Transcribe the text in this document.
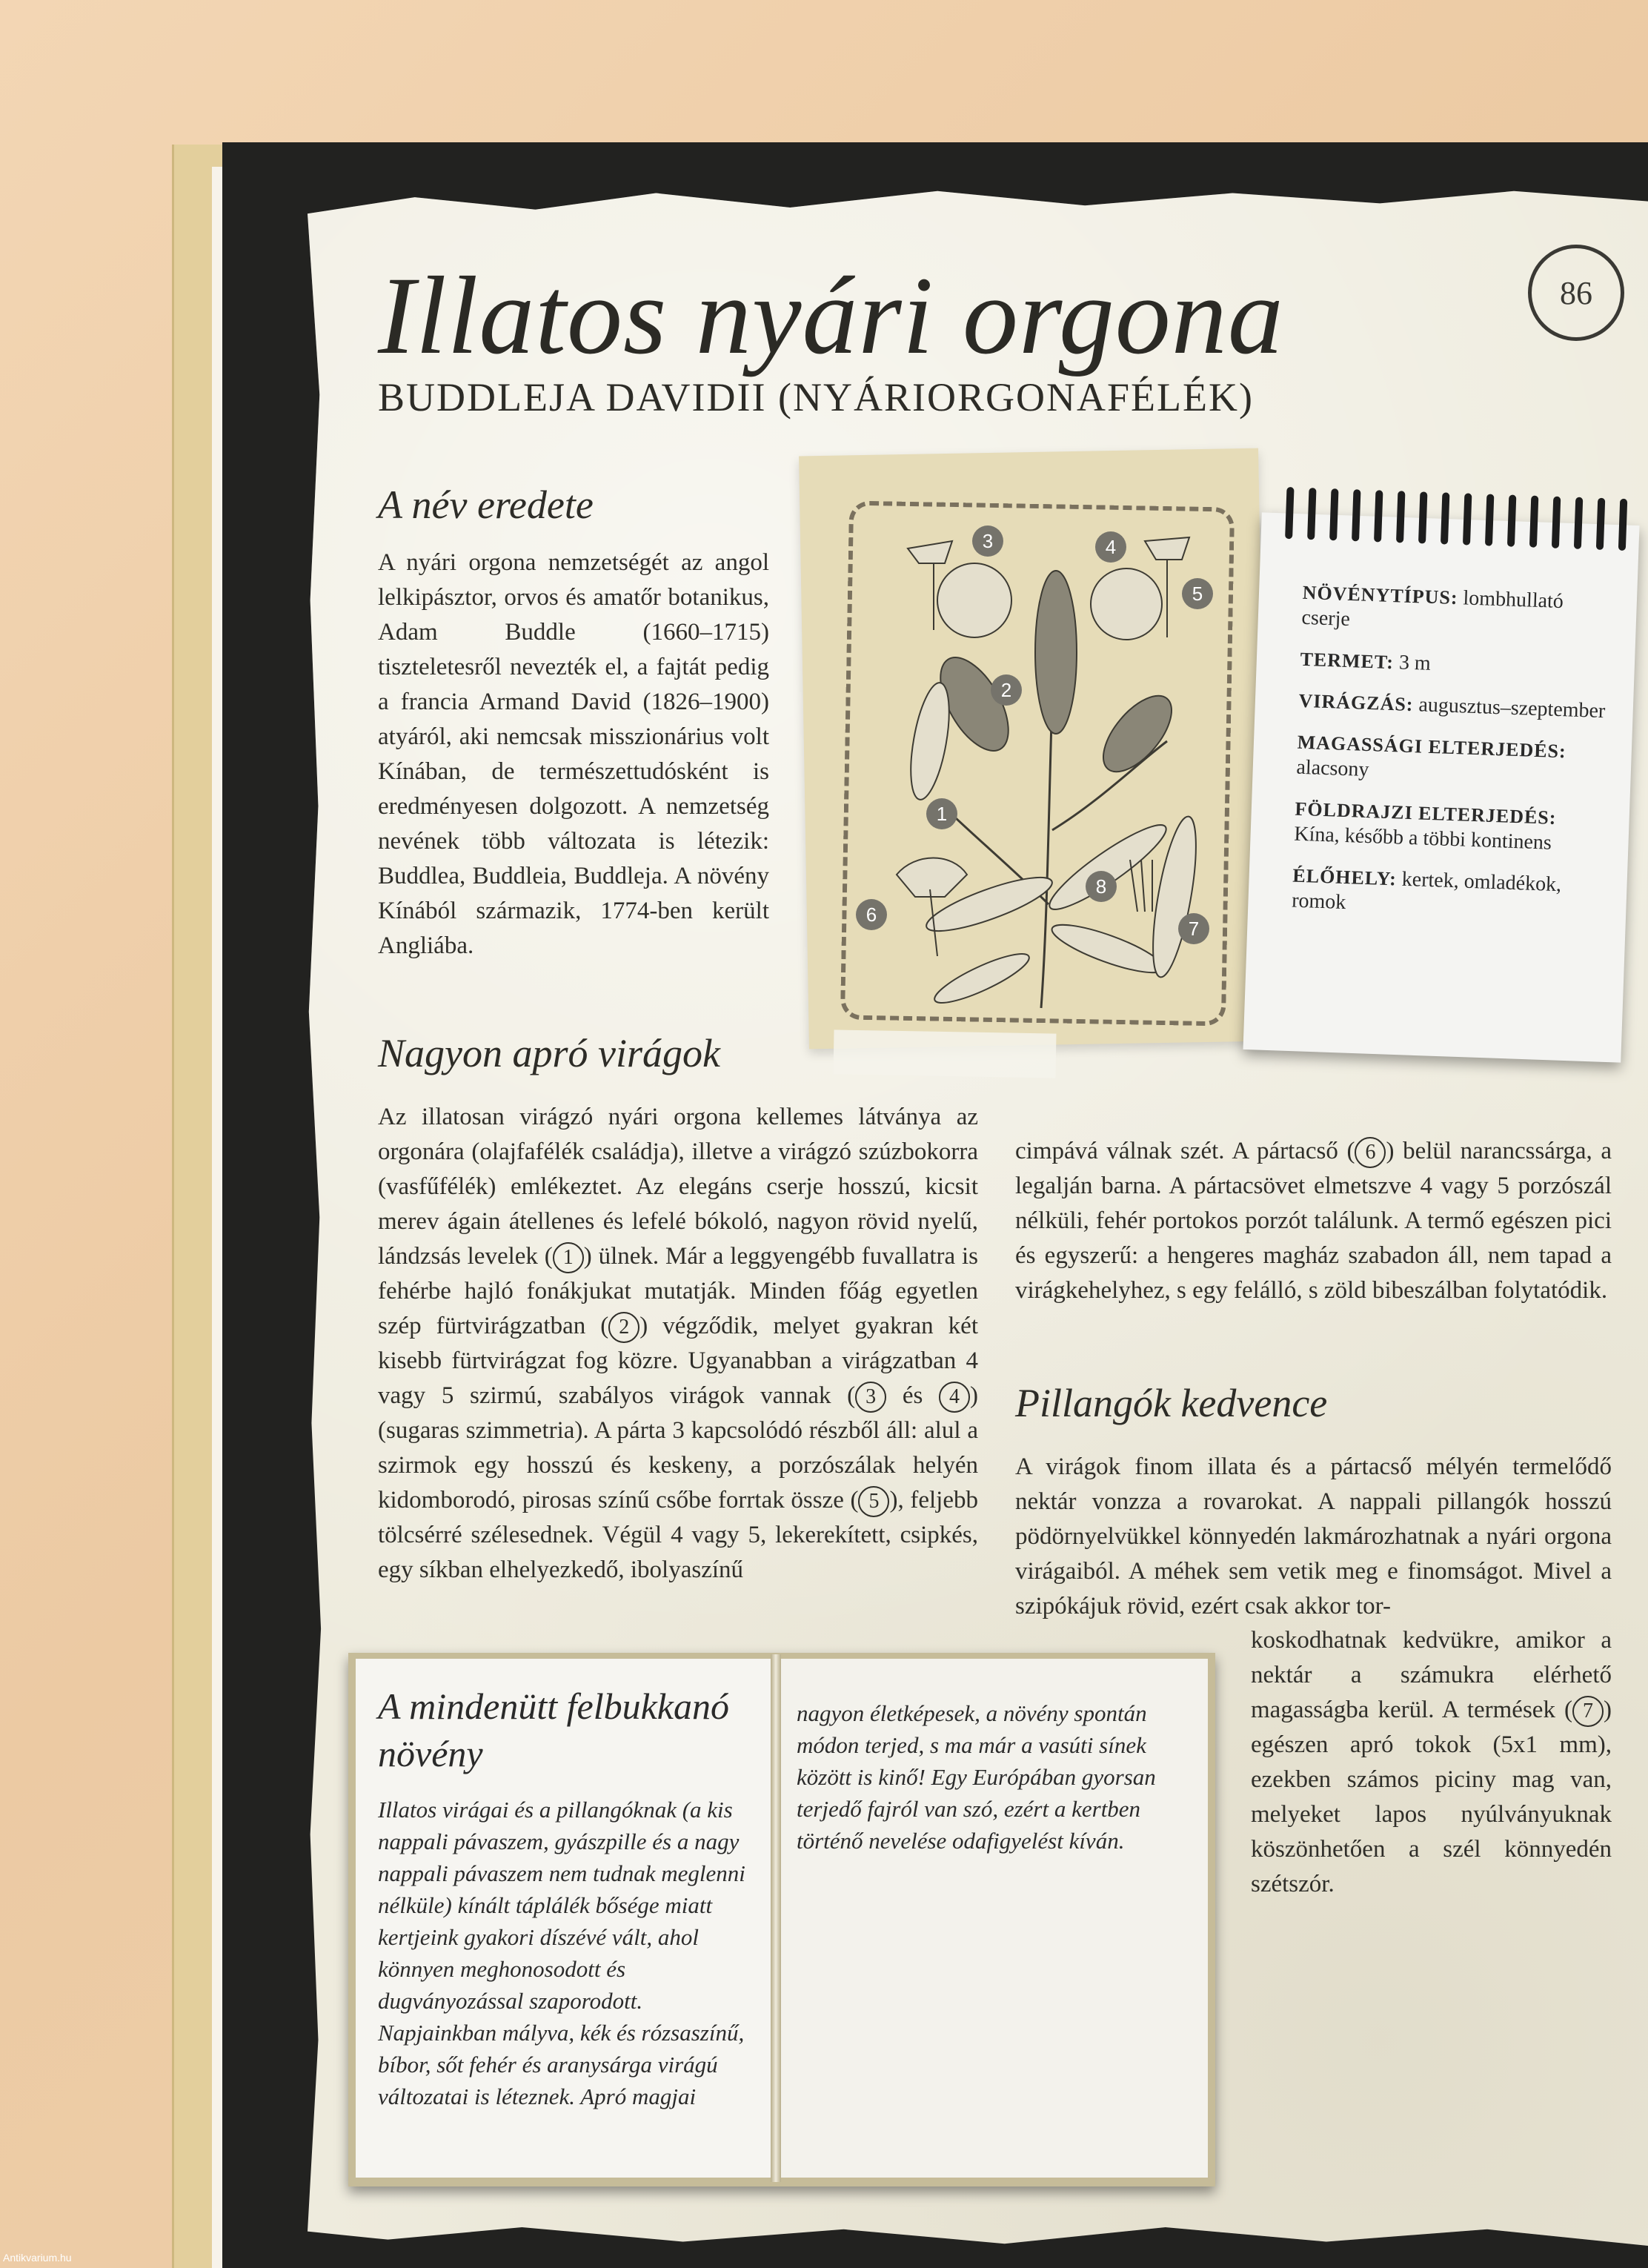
Illatos nyári orgona
BUDDLEJA DAVIDII (NYÁRIORGONAFÉLÉK)
86
A név eredete

A nyári orgona nemzetségét az angol lelkipásztor, orvos és amatőr botanikus, Adam Buddle (1660–1715) tiszteletesről nevezték el, a fajtát pedig a francia Armand David (1826–1900) atyáról, aki nemcsak misszionárius volt Kínában, de természettudósként is eredményesen dolgozott. A nemzetség nevének több változata is létezik: Buddlea, Buddleia, Buddleja. A növény Kínából származik, 1774-ben került Angliába.

3	4
5
2
1
8
6
7

NÖVÉNYTÍPUS: lombhullató cserje

TERMET: 3 m

VIRÁGZÁS: augusztus–szeptember

MAGASSÁGI ELTERJEDÉS: alacsony

FÖLDRAJZI ELTERJEDÉS: Kína, később a többi kontinens

ÉLŐHELY: kertek, omladékok, romok

Nagyon apró virágok

Az illatosan virágzó nyári orgona kellemes látványa az orgonára (olajfafélék családja), illetve a virágzó szúzbokorra (vasfűfélék) emlékeztet. Az elegáns cserje hosszú, kicsit merev ágain átellenes és lefelé bókoló, nagyon rövid nyelű, lándzsás levelek ( 1 ) ülnek. Már a leggyengébb fuvallatra is fehérbe hajló fonákjukat mutatják. Minden főág egyetlen szép fürtvirágzatban ( 2 ) végződik, melyet gyakran két kisebb fürtvirágzat fog közre. Ugyanabban a virágzatban 4 vagy 5 szirmú, szabályos virágok vannak ( 3 és 4 ) (sugaras szimmetria). A párta 3 kapcsolódó részből áll: alul a szirmok egy hosszú és keskeny, a porzószálak helyén kidomborodó, pirosas színű csőbe forrtak össze ( 5 ), feljebb tölcsérré szélesednek. Végül 4 vagy 5, lekerekített, csipkés, egy síkban elhelyezkedő, ibolyaszínű

cimpává válnak szét. A pártacső ( 6 ) belül narancssárga, a legalján barna. A pártacsövet elmetszve 4 vagy 5 porzószál nélküli, fehér portokos porzót találunk. A termő egészen pici és egyszerű: a hengeres magház szabadon áll, nem tapad a virágkehelyhez, s egy felálló, s zöld bibeszálban folytatódik.

Pillangók kedvence

A virágok finom illata és a pártacső mélyén termelődő nektár vonzza a rovarokat. A nappali pillangók hosszú pödörnyelvükkel könnyedén lakmározhatnak a nyári orgona virágaiból. A méhek sem vetik meg e finomságot. Mivel a szipókájuk rövid, ezért csak akkor tor-

koskodhatnak kedvükre, amikor a nektár a számukra elérhető magasságba kerül. A termések ( 7 ) egészen apró tokok (5x1 mm), ezekben számos piciny mag van, melyeket lapos nyúlványuknak köszönhetően a szél könnyedén szétszór.

A mindenütt felbukkanó növény

Illatos virágai és a pillangóknak (a kis nappali pávaszem, gyászpille és a nagy nappali pávaszem nem tudnak meglenni nélküle) kínált táplálék bősége miatt kertjeink gyakori díszévé vált, ahol könnyen meghonosodott és dugványozással szaporodott. Napjainkban mályva, kék és rózsaszínű, bíbor, sőt fehér és aranysárga virágú változatai is léteznek. Apró magjai

nagyon életképesek, a növény spontán módon terjed, s ma már a vasúti sínek között is kinő! Egy Európában gyorsan terjedő fajról van szó, ezért a kertben történő nevelése odafigyelést kíván.

Antikvarium.hu
